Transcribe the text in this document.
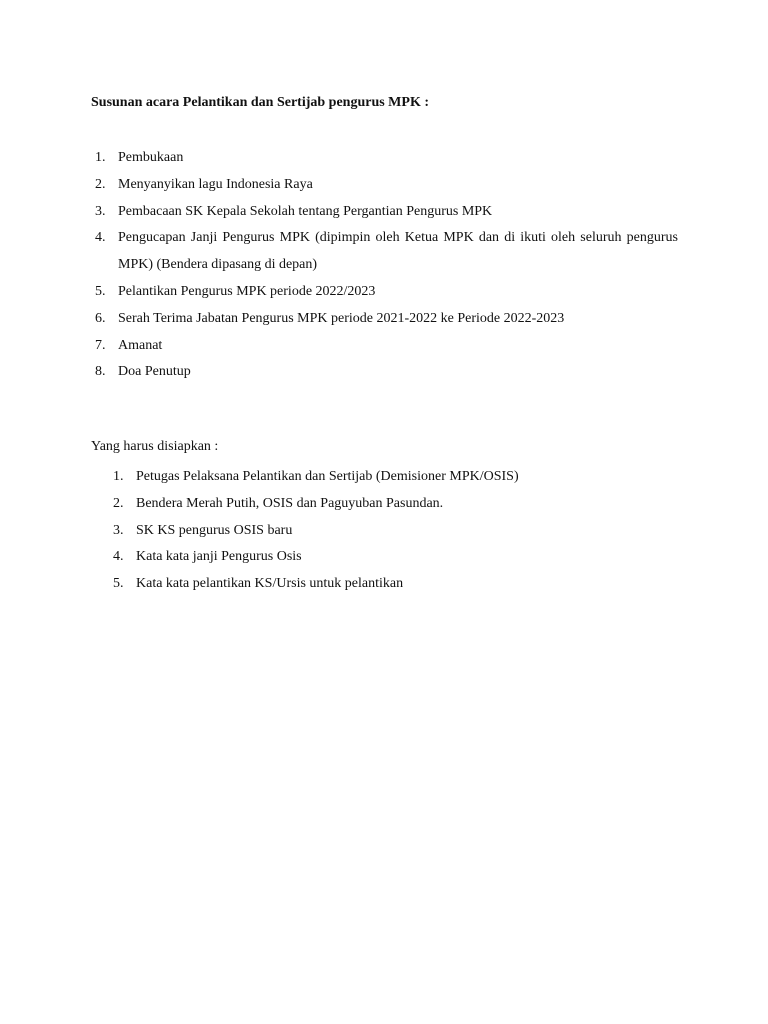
Susunan acara Pelantikan dan Sertijab pengurus MPK :

1. Pembukaan
2. Menyanyikan lagu Indonesia Raya
3. Pembacaan SK Kepala Sekolah tentang Pergantian Pengurus MPK
4. Pengucapan Janji Pengurus MPK (dipimpin oleh Ketua MPK dan di ikuti oleh seluruh pengurus MPK) (Bendera dipasang di depan)
5. Pelantikan Pengurus MPK periode 2022/2023
6. Serah Terima Jabatan Pengurus MPK periode 2021-2022 ke Periode 2022-2023
7. Amanat
8. Doa Penutup

Yang harus disiapkan :

1. Petugas Pelaksana Pelantikan dan Sertijab (Demisioner MPK/OSIS)
2. Bendera Merah Putih, OSIS dan Paguyuban Pasundan.
3. SK KS pengurus OSIS baru
4. Kata kata janji Pengurus Osis
5. Kata kata pelantikan KS/Ursis untuk pelantikan
